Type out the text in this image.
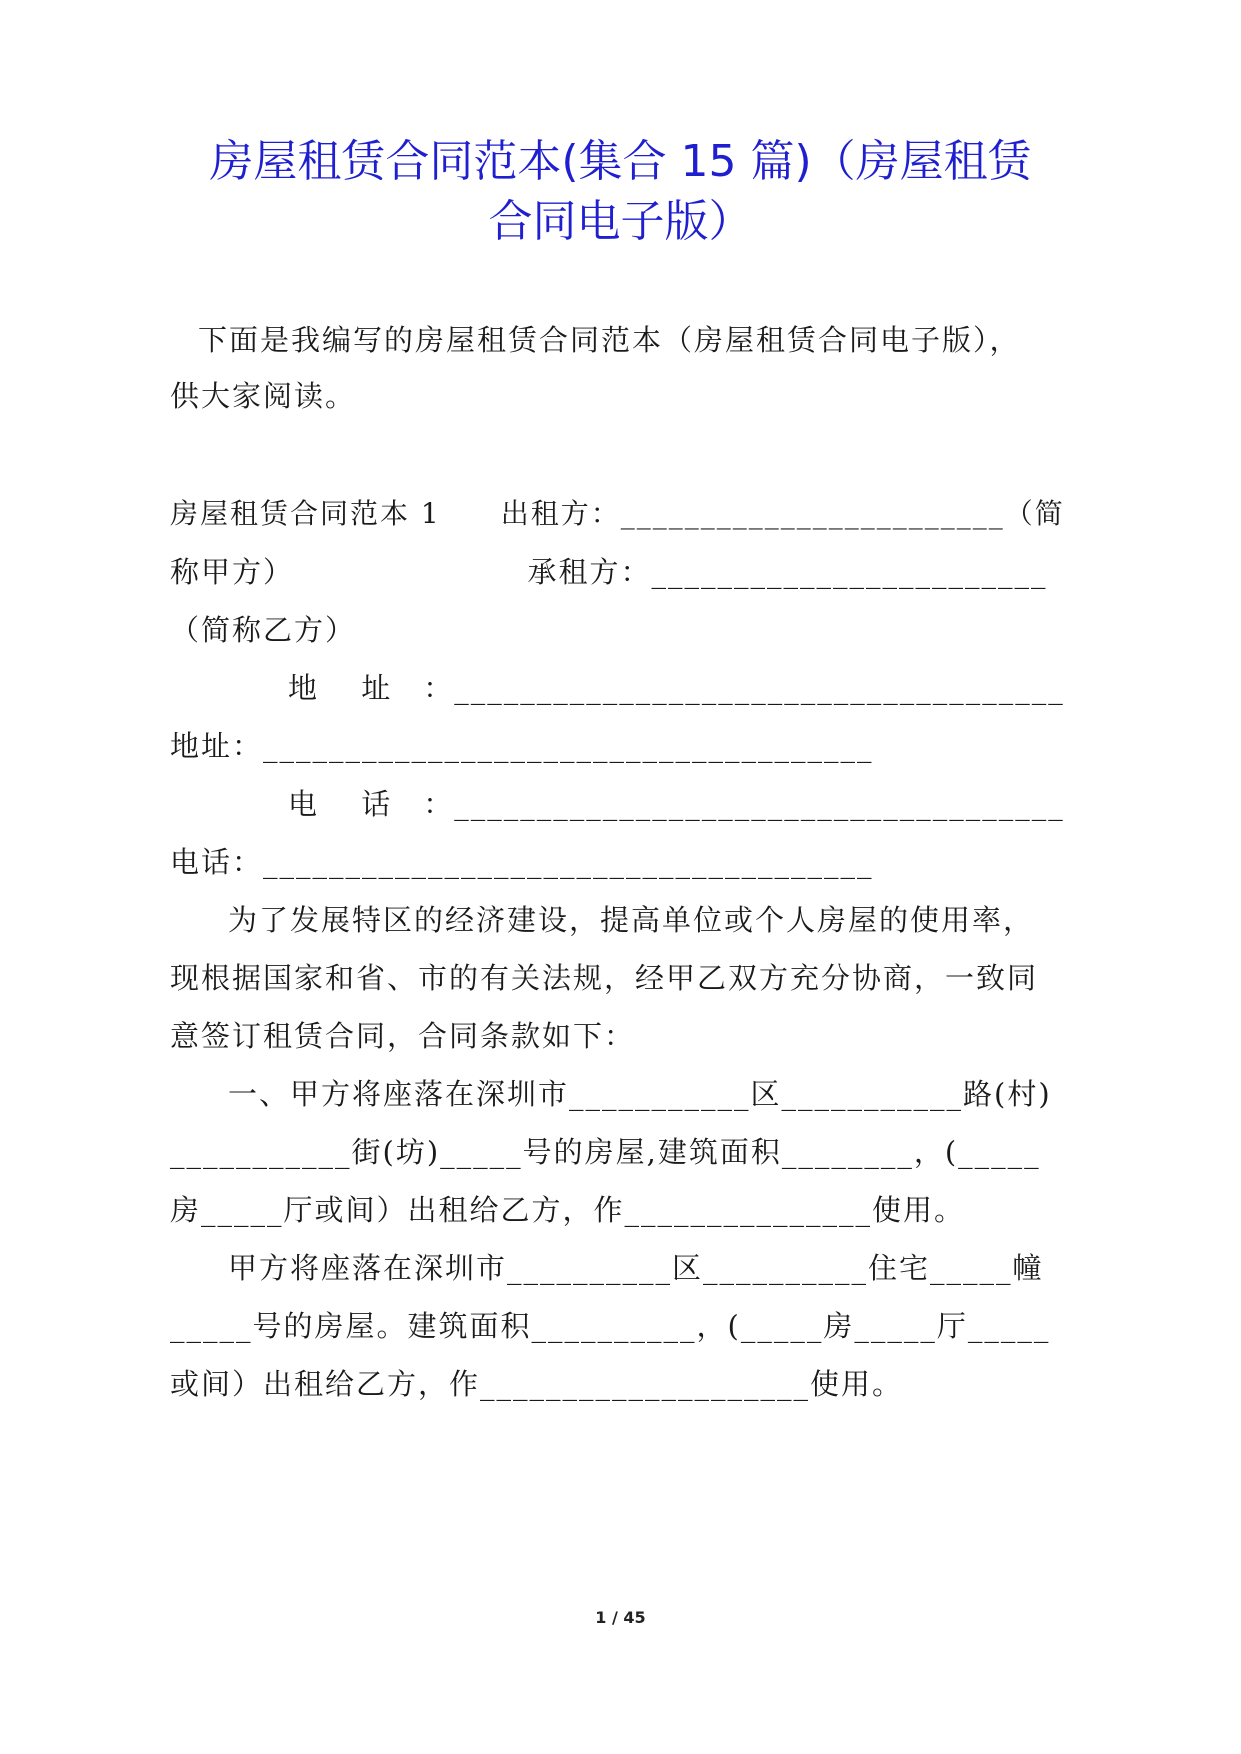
房屋租赁合同范本(集合 15 篇)（房屋租赁
合同电子版）
下面是我编写的房屋租赁合同范本（房屋租赁合同电子版），
供大家阅读。
房屋租赁合同范本 1　　出租方：________________________（简
称甲方）　　　　　　　　承租方：________________________
（简称乙方）
地　 址　：_____________________________________
地址：_____________________________________
电　 话　：_____________________________________
电话：_____________________________________
为了发展特区的经济建设，提高单位或个人房屋的使用率，
现根据国家和省、市的有关法规，经甲乙双方充分协商，一致同
意签订租赁合同，合同条款如下：
一、甲方将座落在深圳市___________区___________路(村)
___________街(坊)_____号的房屋,建筑面积________，(_____
房_____厅或间）出租给乙方，作_______________使用。
甲方将座落在深圳市__________区__________住宅_____幢
_____号的房屋。建筑面积__________，(_____房_____厅_____
或间）出租给乙方，作____________________使用。
1 / 45
